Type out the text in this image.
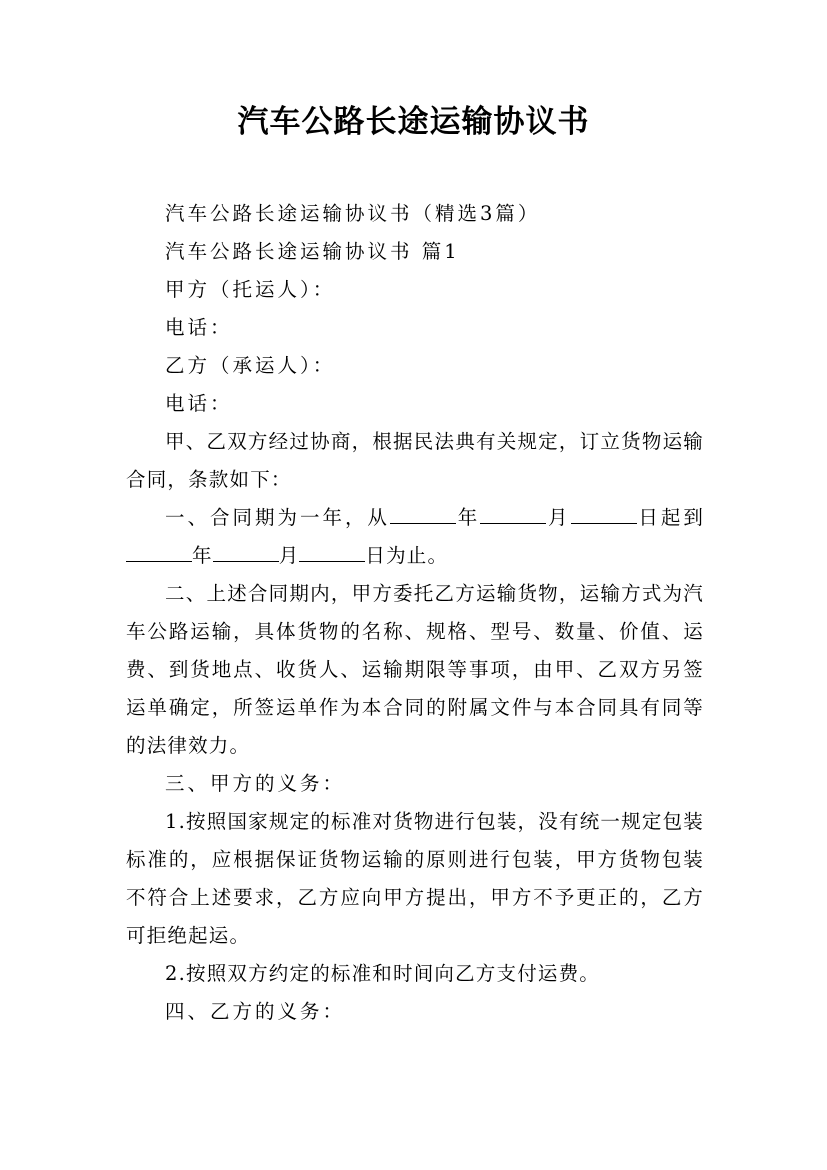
汽车公路长途运输协议书

汽车公路长途运输协议书（精选3篇）

汽车公路长途运输协议书 篇1

甲方（托运人）：

电话：

乙方（承运人）：

电话：

甲、乙双方经过协商，根据民法典有关规定，订立货物运输合同，条款如下：

一、合同期为一年，从	年	月	日起到年	月	日为止。

二、上述合同期内，甲方委托乙方运输货物，运输方式为汽车公路运输，具体货物的名称、规格、型号、数量、价值、运费、到货地点、收货人、运输期限等事项，由甲、乙双方另签运单确定，所签运单作为本合同的附属文件与本合同具有同等的法律效力。

三、甲方的义务：

1.按照国家规定的标准对货物进行包装，没有统一规定包装标准的，应根据保证货物运输的原则进行包装，甲方货物包装不符合上述要求，乙方应向甲方提出，甲方不予更正的，乙方可拒绝起运。

2.按照双方约定的标准和时间向乙方支付运费。

四、乙方的义务：
